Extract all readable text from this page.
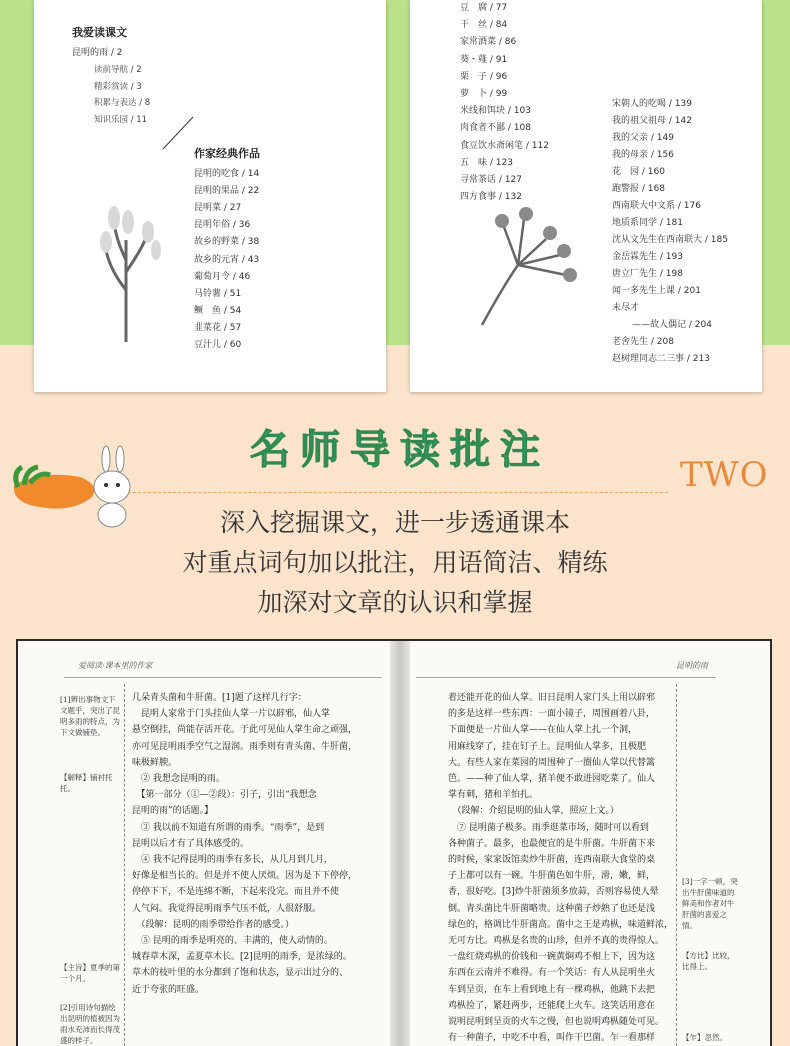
我爱读课文
昆明的雨 / 2
读前导航 / 2
精彩赏读 / 3
积累与表达 / 8
知识乐园 / 11
作家经典作品
昆明的吃食 / 14
昆明的果品 / 22
昆明菜 / 27
昆明年俗 / 36
故乡的野菜 / 38
故乡的元宵 / 43
葡萄月令 / 46
马铃薯 / 51
鳜　鱼 / 54
韭菜花 / 57
豆汁儿 / 60
豆　腐 / 77
干　丝 / 84
家常酒菜 / 86
葵・薤 / 91
栗　子 / 96
萝　卜 / 99
米线和饵块 / 103
肉食者不鄙 / 108
食豆饮水斋闲笔 / 112
五　味 / 123
寻常茶话 / 127
四方食事 / 132
宋朝人的吃喝 / 139
我的祖父祖母 / 142
我的父亲 / 149
我的母亲 / 156
花　园 / 160
跑警报 / 168
西南联大中文系 / 176
地质系同学 / 181
沈从文先生在西南联大 / 185
金岳霖先生 / 193
唐立厂先生 / 198
闻一多先生上课 / 201
未尽才
——故人偶记 / 204
老舍先生 / 208
赵树理同志二三事 / 213
名师导读批注
TWO
深入挖掘课文，进一步透通课本
对重点词句加以批注，用语简洁、精练
加深对文章的认识和掌握
爱阅读·课本里的作家	昆明的雨
[1]辨出事物文下文题乎，突出了昆明多雨的特点，为下文做铺垫。
【解释】铺衬托托。
【主旨】夏季的第一个月。
[2]引用诗句描绘出昆明的植被因为雨水充沛而长得茂盛的样子。

几朵青头菌和牛肝菌。[1]题了这样几行字：

　昆明人家常于门头挂仙人掌一片以辟邪，仙人掌

悬空倒挂，尚能存活开花。于此可见仙人掌生命之顽强，

亦可见昆明雨季空气之湿润。雨季则有青头菌、牛肝菌，

味极鲜腴。

　② 我想念昆明的雨。

　【第一部分（①—②段）：引子，引出“我想念

昆明的雨”的话题。】

　③ 我以前不知道有所谓的雨季。“雨季”，是到

昆明以后才有了具体感受的。

　④ 我不记得昆明的雨季有多长，从几月到几月，

好像是相当长的。但是并不使人厌烦。因为是下下停停，

停停下下，不是连绵不断，下起来没完。而且并不使

人气闷。我觉得昆明雨季气压不低，人很舒服。

　（段解：昆明的雨季带给作者的感受。）

　⑤ 昆明的雨季是明亮的、丰满的，使人动情的。

城春草木深，孟夏草木长。[2]昆明的雨季，是浓绿的。

草木的枝叶里的水分都到了饱和状态，显示出过分的、

近于夸张的旺盛。

着还能开花的仙人掌。旧日昆明人家门头上用以辟邪

的多是这样一些东西：一面小镜子，周围画着八卦，

下面便是一片仙人掌——在仙人掌上扎一个洞，

用麻线穿了，挂在钉子上。昆明仙人掌多，且极肥

大。有些人家在菜园的周围种了一圈仙人掌以代替篱

笆。——种了仙人掌，猪羊便不敢进园吃菜了。仙人

掌有刺，猪和羊怕扎。

　（段解：介绍昆明的仙人掌，照应上文。）

　⑦ 昆明菌子极多。雨季逛菜市场，随时可以看到

各种菌子。最多，也最便宜的是牛肝菌。牛肝菌下来

的时候，家家饭馆卖炒牛肝菌，连西南联大食堂的桌

子上都可以有一碗。牛肝菌色如牛肝，滑，嫩，鲜，

香，很好吃。[3]炒牛肝菌须多放蒜，否则容易使人晕

倒。青头菌比牛肝菌略贵。这种菌子炒熟了也还是浅

绿色的，格调比牛肝菌高。菌中之王是鸡枞，味道鲜浓，

无可方比。鸡枞是名贵的山珍，但并不真的贵得惊人。

一盘红烧鸡枞的价钱和一碗黄焖鸡不相上下，因为这

东西在云南并不难得。有一个笑话：有人从昆明坐火

车到呈贡，在车上看到地上有一棵鸡枞，他跳下去把

鸡枞捡了，紧赶两步，还能爬上火车。这笑话用意在

说明昆明到呈贡的火车之慢，但也说明鸡枞随处可见。

有一种菌子，中吃不中看，叫作干巴菌。乍一看那样

[3]一字一顿，突出牛肝菌味道的鲜美和作者对牛肝菌的喜爱之情。
【方比】比较，比得上。
【乍】忽然。
